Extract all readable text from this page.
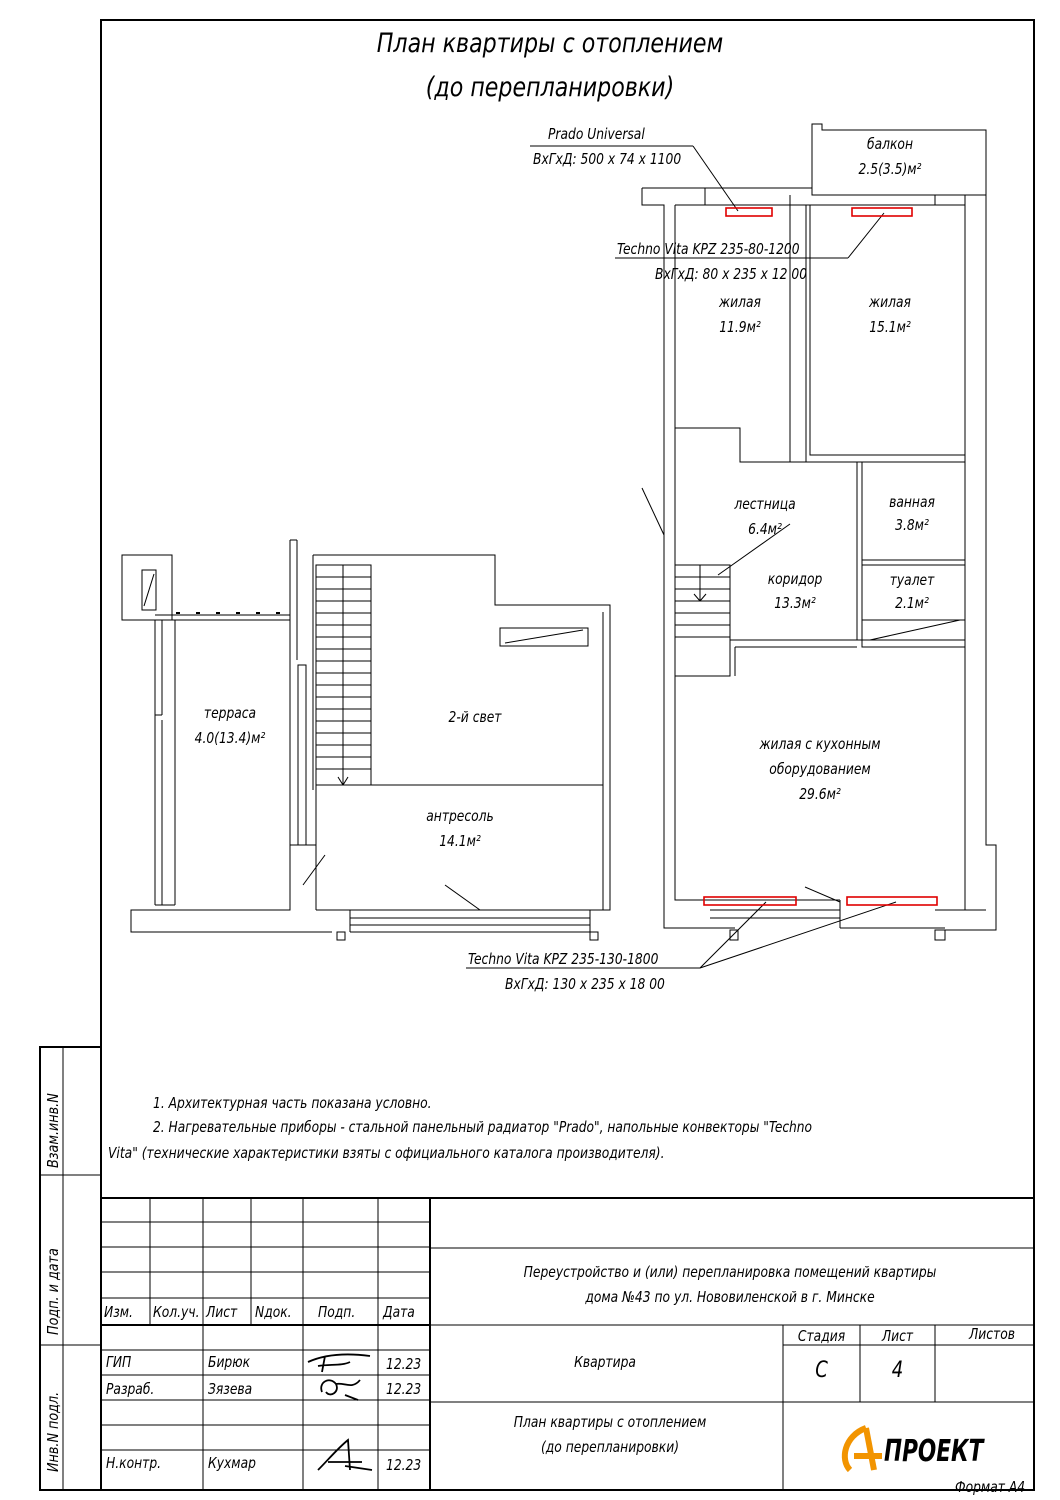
План квартиры с отоплением
(до перепланировки)
Prado Universal
ВхГхД: 500 х 74 х 1100
Techno Vita KPZ 235-80-1200
ВхГхД: 80 х 235 х 12 00
Techno Vita KPZ 235-130-1800
ВхГхД: 130 х 235 х 18 00
балкон
2.5(3.5)м²
жилая
11.9м²
жилая
15.1м²
лестница
6.4м²
ванная
3.8м²
коридор
13.3м²
туалет
2.1м²
жилая с кухонным
оборудованием
29.6м²
терраса
4.0(13.4)м²
2-й свет
антресоль
14.1м²
1. Архитектурная часть показана условно.
2. Нагревательные приборы - стальной панельный радиатор "Prado", напольные конвекторы "Techno
Vita" (технические характеристики взяты с официального каталога производителя).
Взам.инв.N
Подп. и дата
Инв.N подл.
Изм. Кол.уч. Лист Nдок. Подп. Дата
ГИП	Бирюк	12.23
Разраб.	Зязева	12.23
Н.контр.	Кухмар	12.23
Переустройство и (или) перепланировка помещений квартиры
дома №43 по ул. Нововиленской в г. Минске
Квартира
Стадия	Лист	Листов
С	4
План квартиры с отоплением
(до перепланировки)	ПРОЕКТ
Формат А4
